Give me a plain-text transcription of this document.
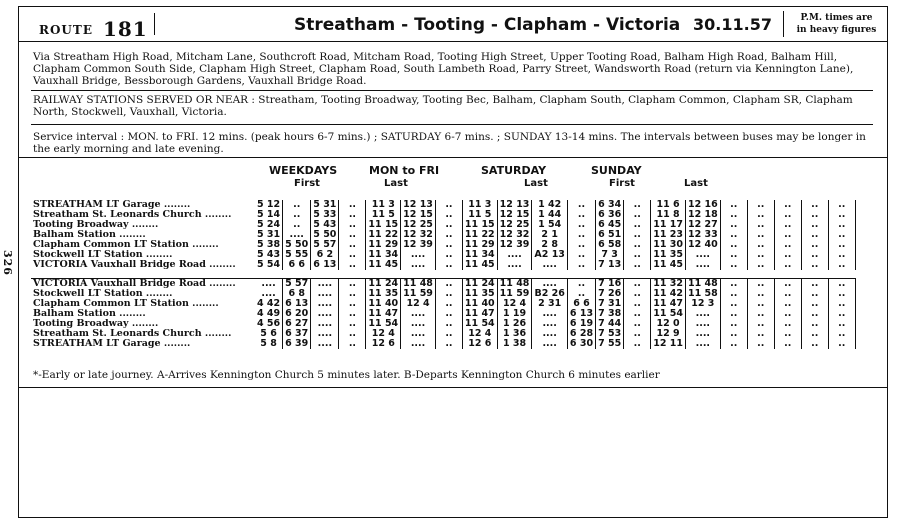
326
ROUTE 181	Streatham - Tooting - Clapham - Victoria 30.11.57	P.M. times are
in heavy figures
Via Streatham High Road, Mitcham Lane, Southcroft Road, Mitcham Road, Tooting High Street, Upper Tooting Road, Balham High Road, Balham Hill, Clapham Common South Side, Clapham High Street, Clapham Road, South Lambeth Road, Parry Street, Wandsworth Road (return via Kennington Lane), Vauxhall Bridge, Bessborough Gardens, Vauxhall Bridge Road.
RAILWAY STATIONS SERVED OR NEAR : Streatham, Tooting Broadway, Tooting Bec, Balham, Clapham South, Clapham Common, Clapham SR, Clapham North, Stockwell, Vauxhall, Victoria.
Service interval : MON. to FRI. 12 mins. (peak hours 6-7 mins.) ; SATURDAY 6-7 mins. ; SUNDAY 13-14 mins. The intervals between buses may be longer in the early morning and late evening.
WEEKDAYS	MON to FRI	SATURDAY	SUNDAY
First	Last	Last	First	Last
STREATHAM LT Garage ........	5 12	..	5 31	..	11 3	12 13	..	11 3	12 13	1 42	..	6 34	..	11 6	12 16	..	..	..	..	..
Streatham St. Leonards Church ........	5 14	..	5 33	..	11 5	12 15	..	11 5	12 15	1 44	..	6 36	..	11 8	12 18	..	..	..	..	..
Tooting Broadway ........	5 24	..	5 43	..	11 15	12 25	..	11 15	12 25	1 54	..	6 45	..	11 17	12 27	..	..	..	..	..
Balham Station ........	5 31	....	5 50	..	11 22	12 32	..	11 22	12 32	2 1	..	6 51	..	11 23	12 33	..	..	..	..	..
Clapham Common LT Station ........	5 38	5 50	5 57	..	11 29	12 39	..	11 29	12 39	2 8	..	6 58	..	11 30	12 40	..	..	..	..	..
Stockwell LT Station ........	5 43	5 55	6 2	..	11 34	....	..	11 34	....	A2 13	..	7 3	..	11 35	....	..	..	..	..	..
VICTORIA Vauxhall Bridge Road ........	5 54	6 6	6 13	..	11 45	....	..	11 45	....	....	..	7 13	..	11 45	....	..	..	..	..	..

VICTORIA Vauxhall Bridge Road ........	....	5 57	....	..	11 24	11 48	..	11 24	11 48	....	..	7 16	..	11 32	11 48	..	..	..	..	..
Stockwell LT Station ........	....	6 8	....	..	11 35	11 59	..	11 35	11 59	B2 26	..	7 26	..	11 42	11 58	..	..	..	..	..
Clapham Common LT Station ........	4 42	6 13	....	..	11 40	12 4	..	11 40	12 4	2 31	6 6	7 31	..	11 47	12 3	..	..	..	..	..
Balham Station ........	4 49	6 20	....	..	11 47	....	..	11 47	1 19	....	6 13	7 38	..	11 54	....	..	..	..	..	..
Tooting Broadway ........	4 56	6 27	....	..	11 54	....	..	11 54	1 26	....	6 19	7 44	..	12 0	....	..	..	..	..	..
Streatham St. Leonards Church ........	5 6	6 37	....	..	12 4	....	..	12 4	1 36	....	6 28	7 53	..	12 9	....	..	..	..	..	..
STREATHAM LT Garage ........	5 8	6 39	....	..	12 6	....	..	12 6	1 38	....	6 30	7 55	..	12 11	....	..	..	..	..	..
*-Early or late journey. A-Arrives Kennington Church 5 minutes later. B-Departs Kennington Church 6 minutes earlier
